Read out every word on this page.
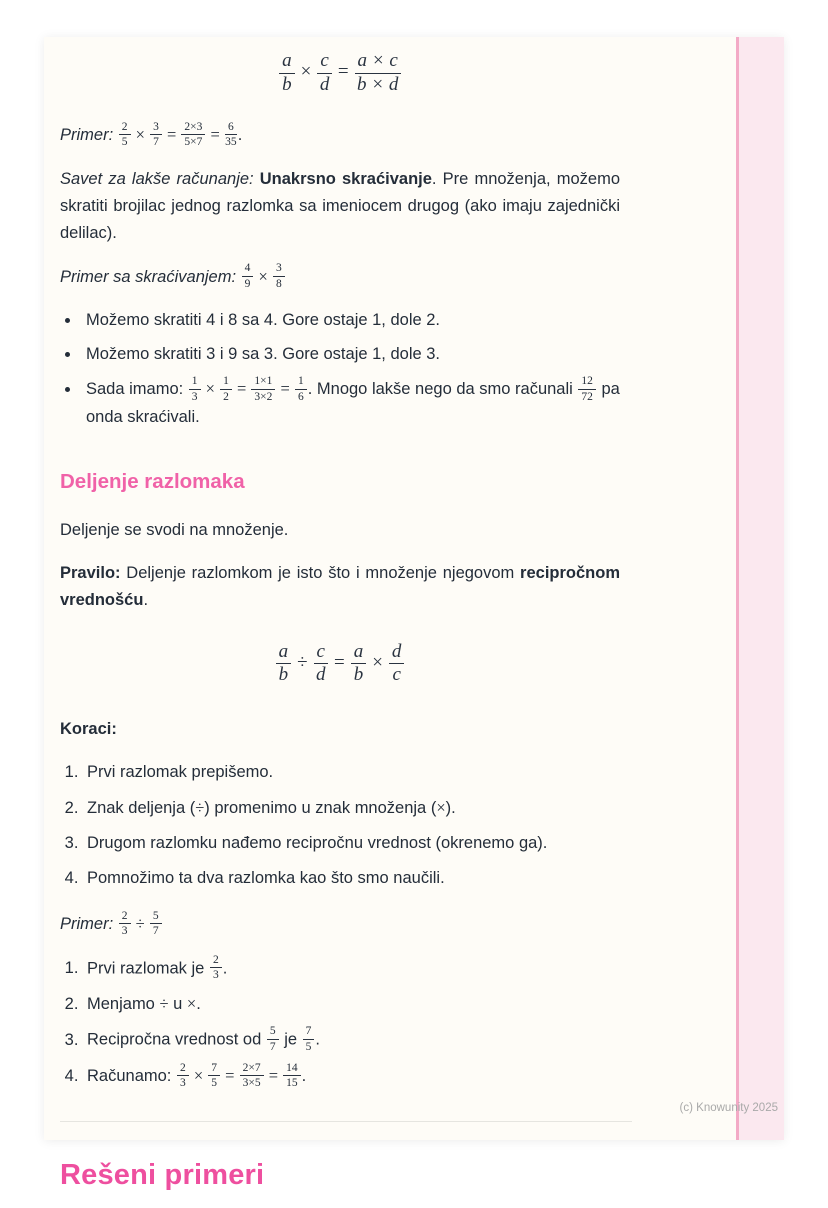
$\frac{a}{b} \times \frac{c}{d} = \frac{a \times c}{b \times d}$

Primer: $\frac{2}{5} \times \frac{3}{7} = \frac{2\times 3}{5\times 7} = \frac{6}{35}$ .

Savet za lakše računanje: Unakrsno skraćivanje. Pre množenja, možemo skratiti brojilac jednog razlomka sa imeniocem drugog (ako imaju zajednički delilac).

Primer sa skraćivanjem: $\frac{4}{9} \times \frac{3}{8}$

• Možemo skratiti 4 i 8 sa 4. Gore ostaje 1, dole 2.
• Možemo skratiti 3 i 9 sa 3. Gore ostaje 1, dole 3.
• Sada imamo: $\frac{1}{3} \times \frac{1}{2} = \frac{1\times 1}{3\times 2} = \frac{1}{6}$ . Mnogo lakše nego da smo računali $\frac{12}{72}$ pa onda skraćivali.
Deljenje razlomaka

Deljenje se svodi na množenje.

Pravilo: Deljenje razlomkom je isto što i množenje njegovom recipročnom vrednošću.

$\frac{a}{b} \div \frac{c}{d} = \frac{a}{b} \times \frac{d}{c}$

Koraci:

1. Prvi razlomak prepišemo.
2. Znak deljenja (÷) promenimo u znak množenja (×).
3. Drugom razlomku nađemo recipročnu vrednost (okrenemo ga).
4. Pomnožimo ta dva razlomka kao što smo naučili.

Primer: $\frac{2}{3} \div \frac{5}{7}$

1. Prvi razlomak je $\frac{2}{3}$ .
2. Menjamo ÷ u ×.
3. Recipročna vrednost od $\frac{5}{7}$ je $\frac{7}{5}$ .
4. Računamo: $\frac{2}{3} \times \frac{7}{5} = \frac{2\times 7}{3\times 5} = \frac{14}{15}$ .
Rešeni primeri
(c) Knowunity 2025
